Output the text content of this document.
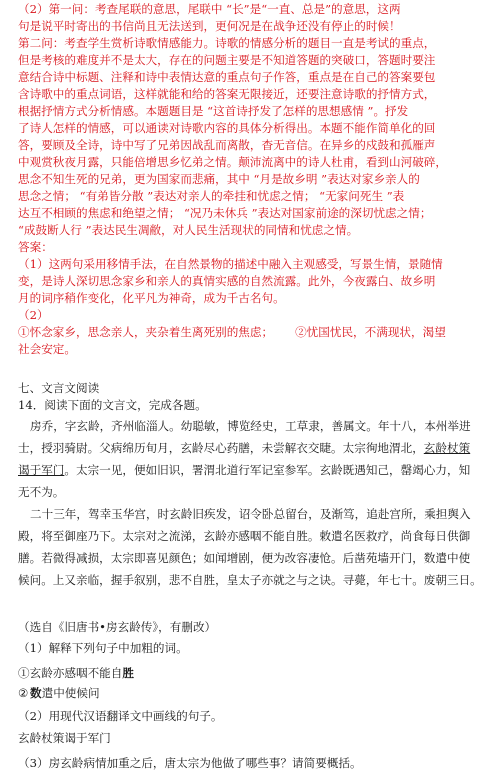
（2）第一问：考查尾联的意思，尾联中 “长”是“一直、总是”的意思，这两
句是说平时寄出的书信尚且无法送到，更何况是在战争还没有停止的时候！
第二问：考查学生赏析诗歌情感能力。诗歌的情感分析的题目一直是考试的重点，
但是考核的难度并不是太大，存在的问题主要是不知道答题的突破口，答题时要注
意结合诗中标题、注释和诗中表情达意的重点句子作答，重点是在自己的答案要包
含诗歌中的重点词语，这样就能和给的答案无限接近，还要注意诗歌的抒情方式，
根据抒情方式分析情感。本题题目是 “这首诗抒发了怎样的思想感情 ”。抒发
了诗人怎样的情感，可以通读对诗歌内容的具体分析得出。本题不能作简单化的回
答，要顾及全诗，诗中写了兄弟因战乱而离散，杳无音信。在异乡的戍鼓和孤雁声
中观赏秋夜月露，只能倍增思乡忆弟之情。颠沛流离中的诗人杜甫，看到山河破碎，
思念不知生死的兄弟，更为国家而悲痛，其中 “月是故乡明 ”表达对家乡亲人的
思念之情； “有弟皆分散 ”表达对亲人的牵挂和忧虑之情； “无家问死生 ”表
达互不相顾的焦虑和绝望之情； “况乃未休兵 ”表达对国家前途的深切忧虑之情；
“成鼓断人行 ”表达民生凋敝，对人民生活现状的同情和忧虑之情。
答案：
（1）这两句采用移情手法，在自然景物的描述中融入主观感受，写景生情，景随情
变，是诗人深切思念家乡和亲人的真情实感的自然流露。此外，今夜露白、故乡明
月的词序稍作变化，化平凡为神奇，成为千古名句。
（2）
①怀念家乡，思念亲人，夹杂着生离死别的焦虑； ②忧国忧民，不满现状，渴望
社会安定。
七、文言文阅读
14．阅读下面的文言文，完成各题。
房乔，字玄龄，齐州临淄人。幼聪敏，博览经史，工草隶，善属文。年十八，本州举进
士，授羽骑尉。父病绵历旬月，玄龄尽心药膳，未尝解衣交睫。太宗徇地渭北，玄龄杖策
谒于军门。太宗一见，便如旧识，署渭北道行军记室参军。玄龄既遇知己，罄竭心力，知
无不为。
二十三年，驾幸玉华宫，时玄龄旧疾发，诏令卧总留台，及渐笃，追赴宫所，乘担舆入
殿，将至御座乃下。太宗对之流涕，玄龄亦感咽不能自胜。敕遣名医救疗，尚食每日供御
膳。若微得减损，太宗即喜见颜色；如闻增剧，便为改容凄怆。后凿苑墙开门，数遣中使
候问。上又亲临，握手叙别，悲不自胜，皇太子亦就之与之诀。寻薨，年七十。废朝三日。
（选自《旧唐书•房玄龄传》，有删改）
（1）解释下列句子中加粗的词。
①玄龄亦感咽不能自胜
② 数遣中使候问
（2）用现代汉语翻译文中画线的句子。
玄龄杖策谒于军门
（3）房玄龄病情加重之后，唐太宗为他做了哪些事？请简要概括。
